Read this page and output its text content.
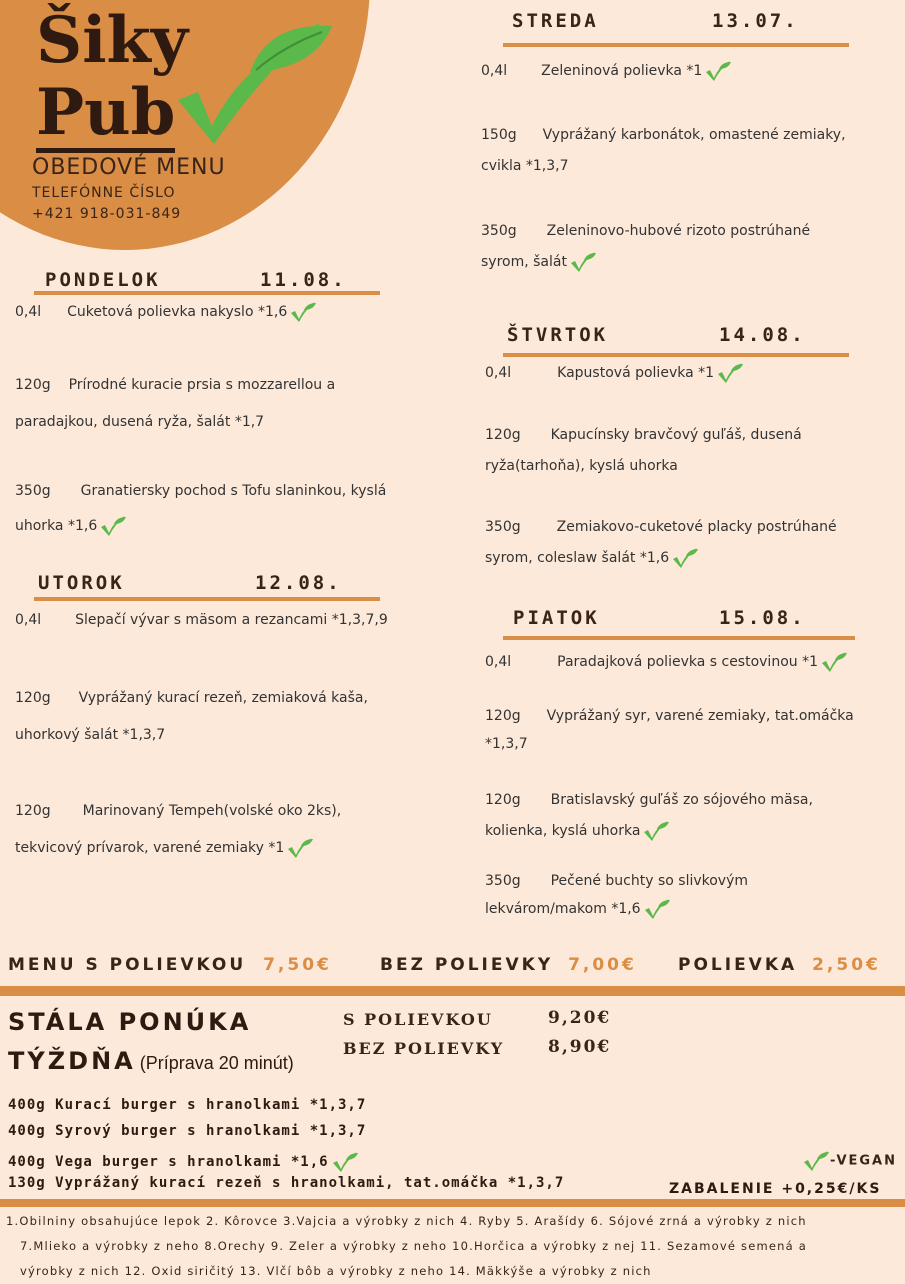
Šiky
Pub
OBEDOVÉ MENU
TELEFÓNNE ČÍSLO
+421 918-031-849
PONDELOK	11.08.
UTOROK	12.08.
STREDA	13.07.
ŠTVRTOK	14.08.
PIATOK	15.08.
0,4l Cuketová polievka nakyslo *1,6
120g Prírodné kuracie prsia s mozzarellou a
paradajkou, dusená ryža, šalát *1,7
350g Granatiersky pochod s Tofu slaninkou, kyslá
uhorka *1,6
0,4l Slepačí vývar s mäsom a rezancami *1,3,7,9
120g Vyprážaný kurací rezeň, zemiaková kaša,
uhorkový šalát *1,3,7
120g Marinovaný Tempeh(volské oko 2ks),
tekvicový prívarok, varené zemiaky *1
0,4l Zeleninová polievka *1
150g Vyprážaný karbonátok, omastené zemiaky,
cvikla *1,3,7
350g Zeleninovo-hubové rizoto postrúhané
syrom, šalát
0,4l	Kapustová polievka *1
120g Kapucínsky bravčový guľáš, dusená
ryža(tarhoňa), kyslá uhorka
350g	Zemiakovo-cuketové placky postrúhané
syrom, coleslaw šalát *1,6
0,4l	Paradajková polievka s cestovinou *1
120g Vyprážaný syr, varené zemiaky, tat.omáčka
*1,3,7
120g Bratislavský guľáš zo sójového mäsa,
kolienka, kyslá uhorka
350g Pečené buchty so slivkovým
lekvárom/makom *1,6
MENU S POLIEVKOU 7,50€	BEZ POLIEVKY 7,00€ POLIEVKA 2,50€
STÁLA PONÚKA
TÝŽDŇA (Príprava 20 minút)
S POLIEVKOU	9,20€
BEZ POLIEVKY	8,90€
400g Kurací burger s hranolkami *1,3,7
400g Syrový burger s hranolkami *1,3,7
400g Vega burger s hranolkami *1,6
130g Vyprážaný kurací rezeň s hranolkami, tat.omáčka *1,3,7
-VEGAN
ZABALENIE +0,25€/KS
1.Obilniny obsahujúce lepok 2. Kôrovce 3.Vajcia a výrobky z nich 4. Ryby 5. Arašídy 6. Sójové zrná a výrobky z nich
7.Mlieko a výrobky z neho 8.Orechy 9. Zeler a výrobky z neho 10.Horčica a výrobky z nej 11. Sezamové semená a
výrobky z nich 12. Oxid siričitý 13. Vlčí bôb a výrobky z neho 14. Mäkkýše a výrobky z nich
